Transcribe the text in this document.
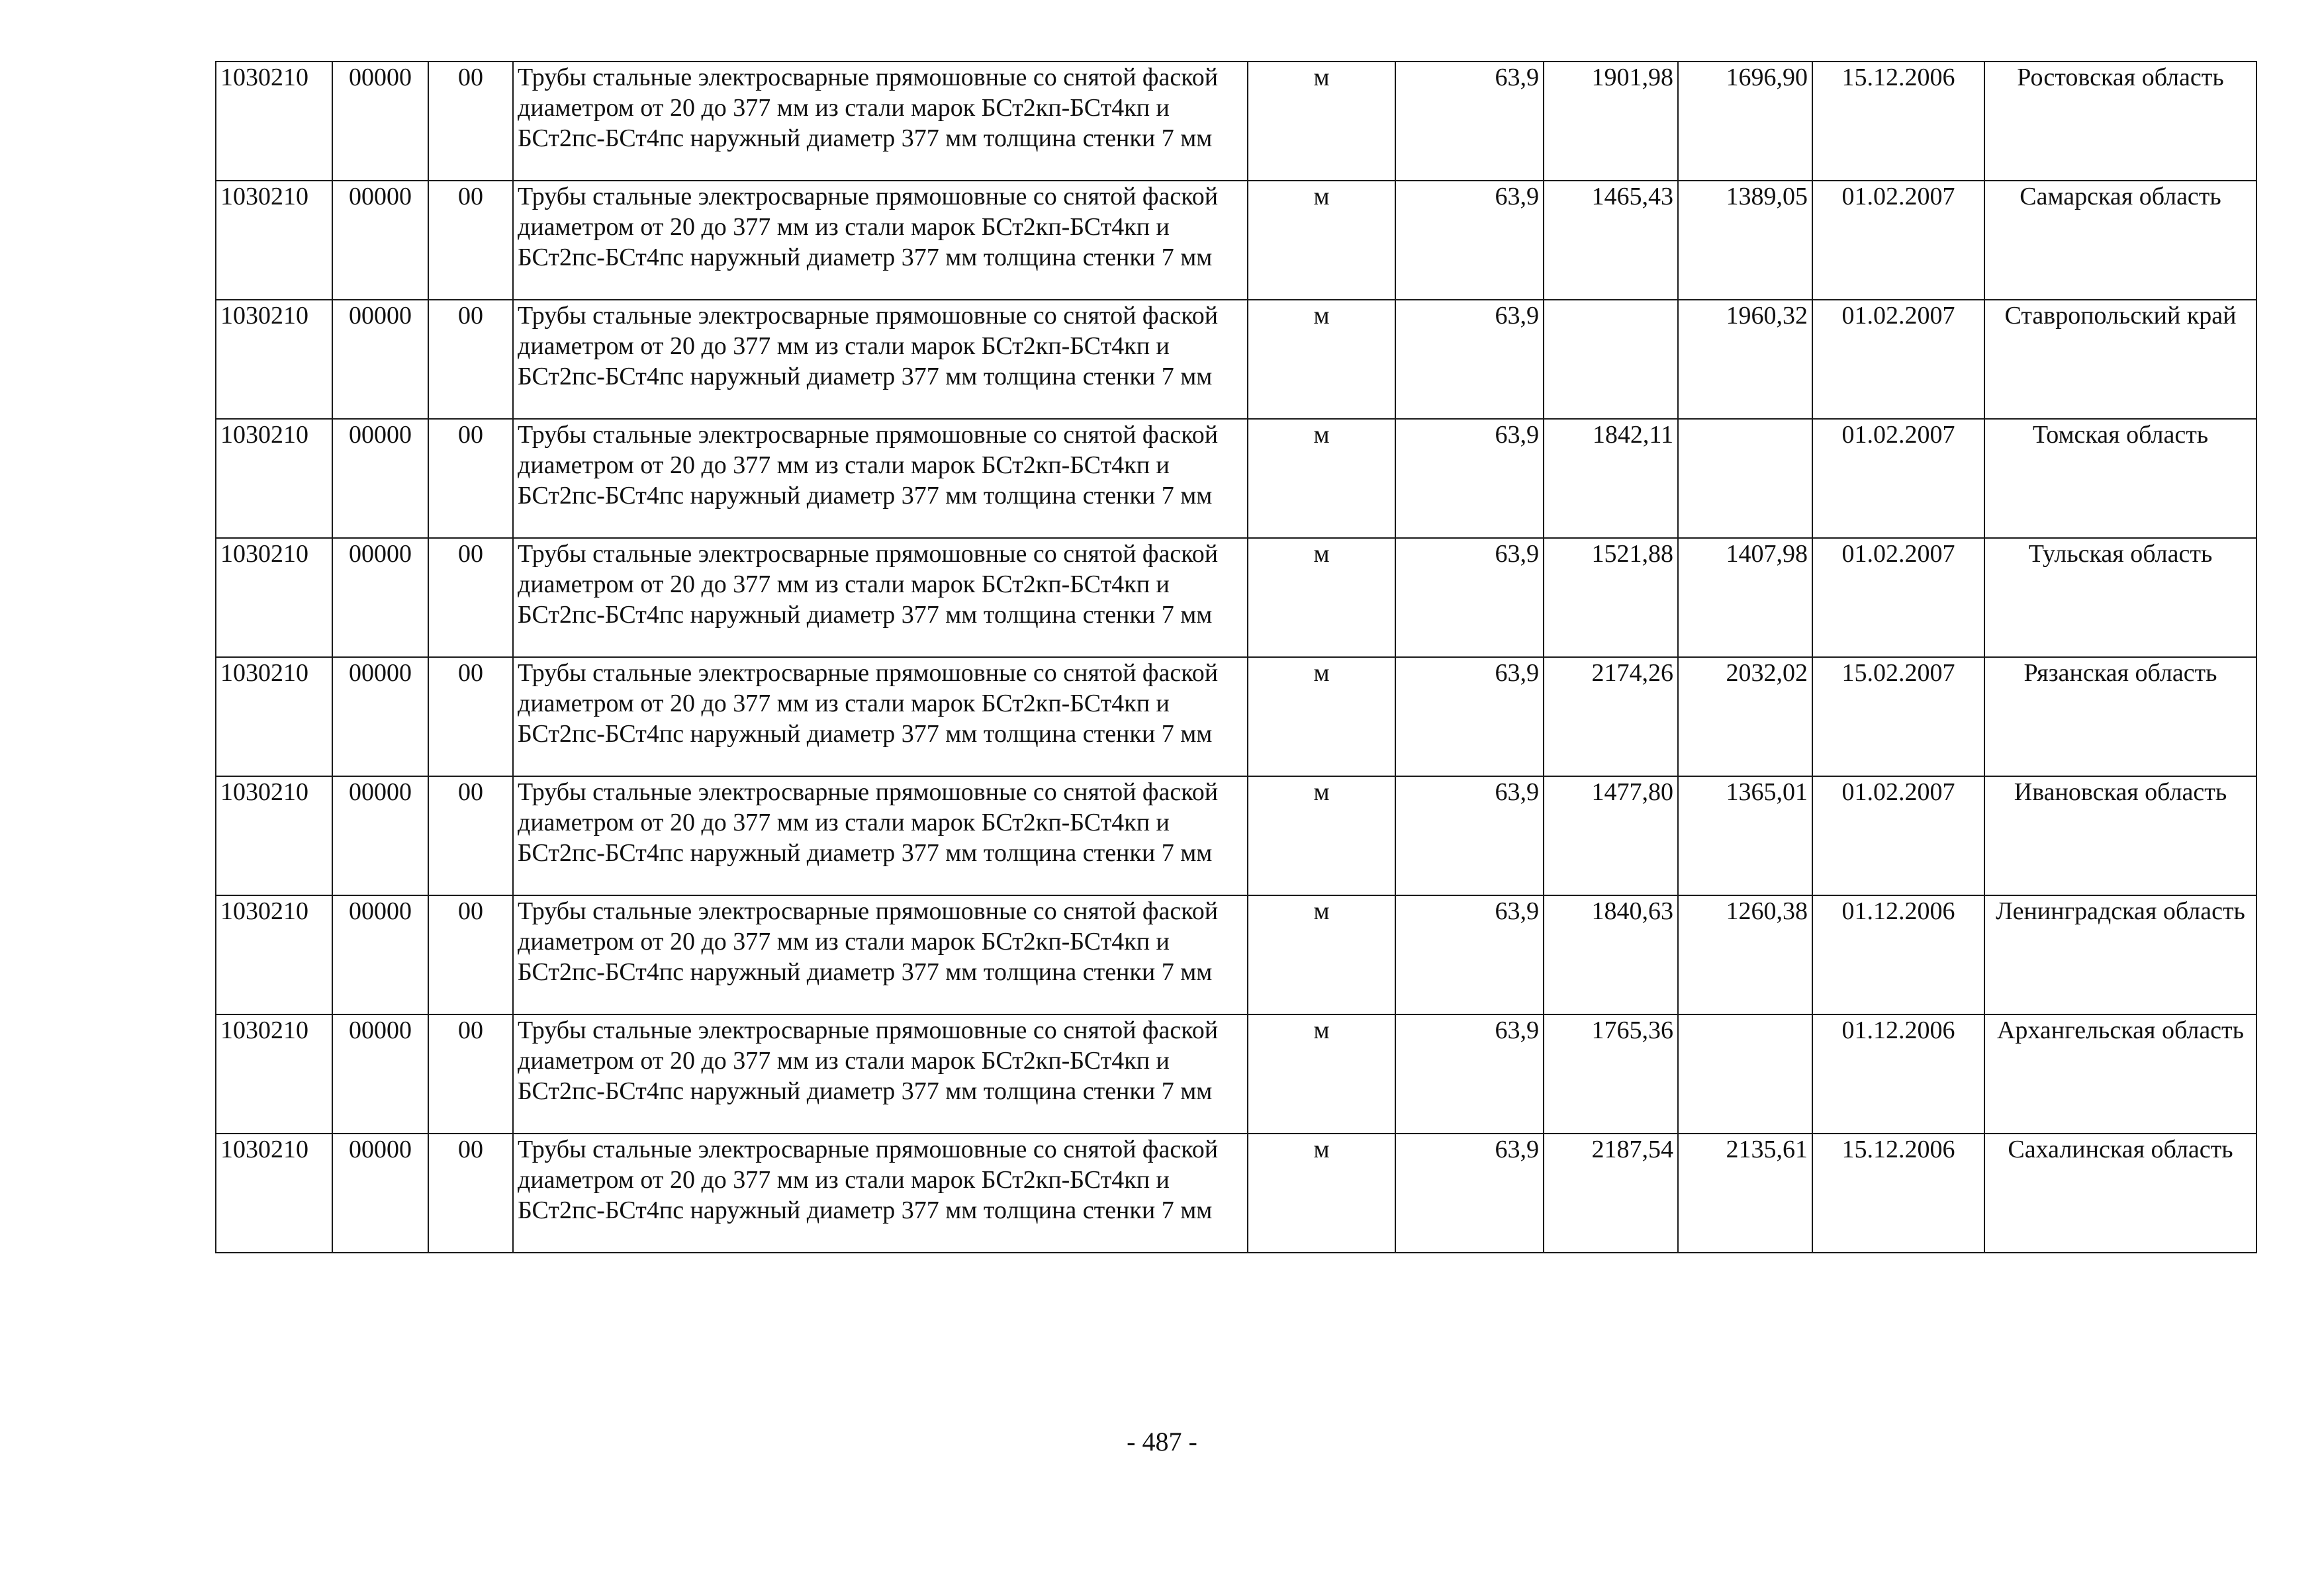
1030210	00000	00	Трубы стальные электросварные прямошовные со снятой фаской диаметром от 20 до 377 мм из стали марок БСт2кп-БСт4кп и БСт2пс-БСт4пс наружный диаметр 377 мм толщина стенки 7 мм	м	63,9	1901,98	1696,90	15.12.2006	Ростовская область
1030210	00000	00	Трубы стальные электросварные прямошовные со снятой фаской диаметром от 20 до 377 мм из стали марок БСт2кп-БСт4кп и БСт2пс-БСт4пс наружный диаметр 377 мм толщина стенки 7 мм	м	63,9	1465,43	1389,05	01.02.2007	Самарская область
1030210	00000	00	Трубы стальные электросварные прямошовные со снятой фаской диаметром от 20 до 377 мм из стали марок БСт2кп-БСт4кп и БСт2пс-БСт4пс наружный диаметр 377 мм толщина стенки 7 мм	м	63,9		1960,32	01.02.2007	Ставропольский край
1030210	00000	00	Трубы стальные электросварные прямошовные со снятой фаской диаметром от 20 до 377 мм из стали марок БСт2кп-БСт4кп и БСт2пс-БСт4пс наружный диаметр 377 мм толщина стенки 7 мм	м	63,9	1842,11		01.02.2007	Томская область
1030210	00000	00	Трубы стальные электросварные прямошовные со снятой фаской диаметром от 20 до 377 мм из стали марок БСт2кп-БСт4кп и БСт2пс-БСт4пс наружный диаметр 377 мм толщина стенки 7 мм	м	63,9	1521,88	1407,98	01.02.2007	Тульская область
1030210	00000	00	Трубы стальные электросварные прямошовные со снятой фаской диаметром от 20 до 377 мм из стали марок БСт2кп-БСт4кп и БСт2пс-БСт4пс наружный диаметр 377 мм толщина стенки 7 мм	м	63,9	2174,26	2032,02	15.02.2007	Рязанская область
1030210	00000	00	Трубы стальные электросварные прямошовные со снятой фаской диаметром от 20 до 377 мм из стали марок БСт2кп-БСт4кп и БСт2пс-БСт4пс наружный диаметр 377 мм толщина стенки 7 мм	м	63,9	1477,80	1365,01	01.02.2007	Ивановская область
1030210	00000	00	Трубы стальные электросварные прямошовные со снятой фаской диаметром от 20 до 377 мм из стали марок БСт2кп-БСт4кп и БСт2пс-БСт4пс наружный диаметр 377 мм толщина стенки 7 мм	м	63,9	1840,63	1260,38	01.12.2006	Ленинградская область
1030210	00000	00	Трубы стальные электросварные прямошовные со снятой фаской диаметром от 20 до 377 мм из стали марок БСт2кп-БСт4кп и БСт2пс-БСт4пс наружный диаметр 377 мм толщина стенки 7 мм	м	63,9	1765,36		01.12.2006	Архангельская область
1030210	00000	00	Трубы стальные электросварные прямошовные со снятой фаской диаметром от 20 до 377 мм из стали марок БСт2кп-БСт4кп и БСт2пс-БСт4пс наружный диаметр 377 мм толщина стенки 7 мм	м	63,9	2187,54	2135,61	15.12.2006	Сахалинская область
- 487 -
